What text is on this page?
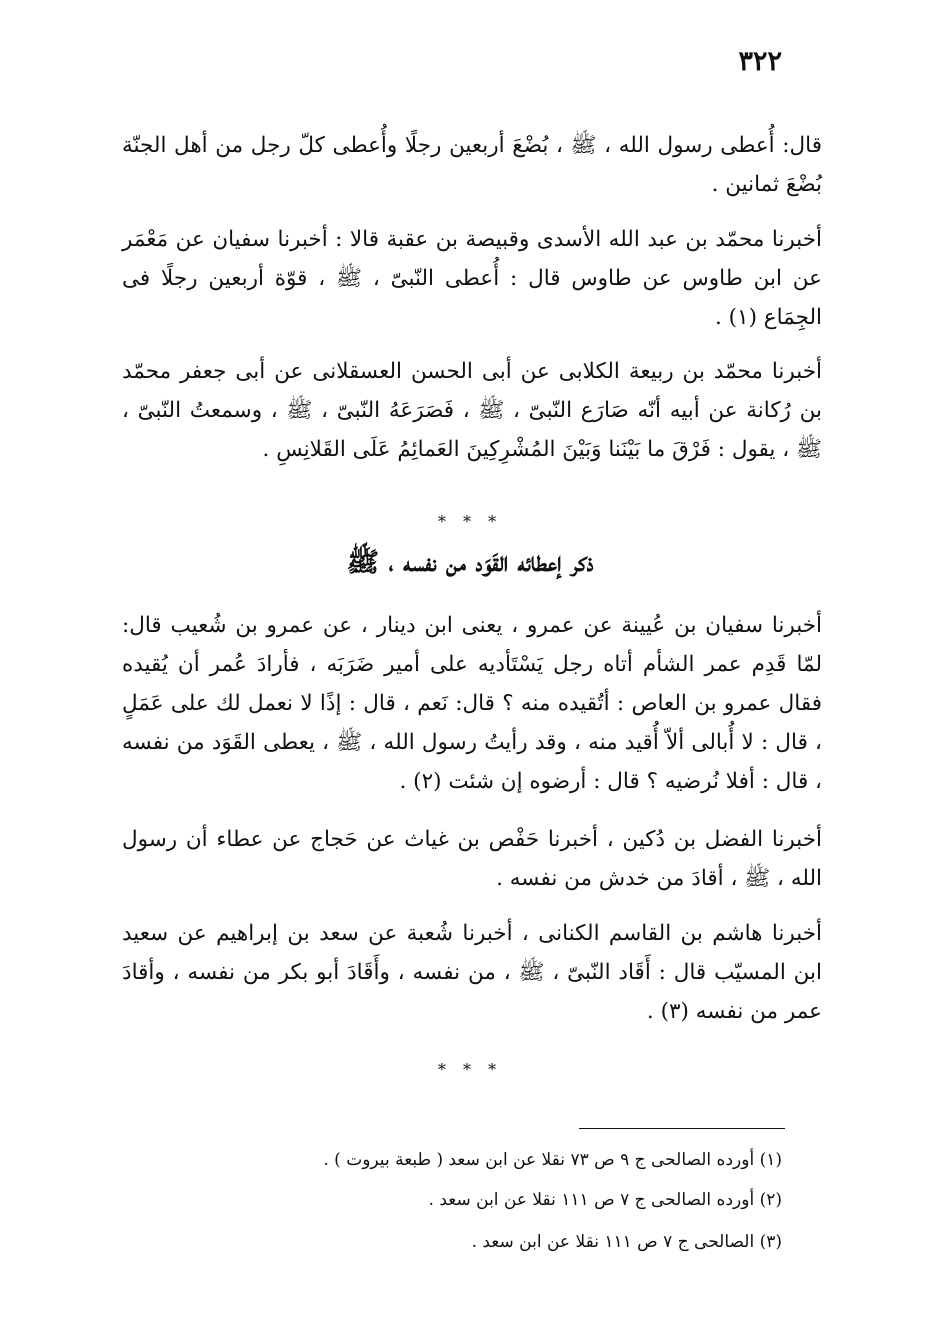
٣٢٢

قال: أُعطى رسول الله ، ﷺ ، بُضْعَ أربعين رجلًا وأُعطى كلّ رجل من أهل الجنّة بُضْعَ ثمانين .

أخبرنا محمّد بن عبد الله الأسدى وقبيصة بن عقبة قالا : أخبرنا سفيان عن مَعْمَر عن ابن طاوس عن طاوس قال : أُعطى النّبىّ ، ﷺ ، قوّة أربعين رجلًا فى الجِمَاع (١) .

أخبرنا محمّد بن ربيعة الكلابى عن أبى الحسن العسقلانى عن أبى جعفر محمّد بن رُكانة عن أبيه أنّه صَارَع النّبىّ ، ﷺ ، فَصَرَعَهُ النّبىّ ، ﷺ ، وسمعتُ النّبىّ ، ﷺ ، يقول : فَرْقَ ما بَيْنَنا وَبَيْنَ المُشْرِكِينَ العَمائِمُ عَلَى القَلانِسِ .

* * *
ذكر إعطائه القَوَد من نفسه ، ﷺ

أخبرنا سفيان بن عُيينة عن عمرو ، يعنى ابن دينار ، عن عمرو بن شُعيب قال: لمّا قَدِم عمر الشأم أتاه رجل يَسْتَأديه على أمير ضَرَبَه ، فأرادَ عُمر أن يُقيده فقال عمرو بن العاص : أتُقيده منه ؟ قال: نَعم ، قال : إذًا لا نعمل لك على عَمَلٍ ، قال : لا أُبالى ألاّ أُقيد منه ، وقد رأيتُ رسول الله ، ﷺ ، يعطى القَوَد من نفسه ، قال : أفلا نُرضيه ؟ قال : أرضوه إن شئت (٢) .

أخبرنا الفضل بن دُكين ، أخبرنا حَفْص بن غياث عن حَجاج عن عطاء أن رسول الله ، ﷺ ، أقادَ من خدش من نفسه .

أخبرنا هاشم بن القاسم الكنانى ، أخبرنا شُعبة عن سعد بن إبراهيم عن سعيد ابن المسيّب قال : أَقَاد النّبىّ ، ﷺ ، من نفسه ، وأَقَادَ أبو بكر من نفسه ، وأقادَ عمر من نفسه (٣) .

* * *

(١) أورده الصالحى ج ٩ ص ٧٣ نقلا عن ابن سعد ( طبعة بيروت ) .

(٢) أورده الصالحى ج ٧ ص ١١١ نقلا عن ابن سعد .

(٣) الصالحى ج ٧ ص ١١١ نقلا عن ابن سعد .
